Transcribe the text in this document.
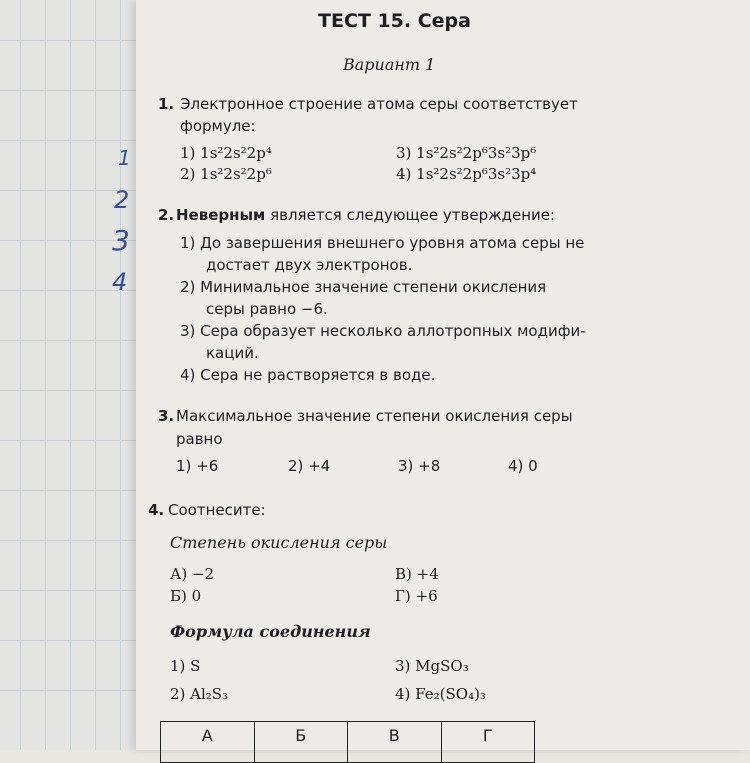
1
2
3
4
ТЕСТ 15. Сера
Вариант 1
1. Электронное строение атома серы соответствует
формуле:
1) 1s²2s²2p⁴
2) 1s²2s²2p⁶
3) 1s²2s²2p⁶3s²3p⁶
4) 1s²2s²2p⁶3s²3p⁴
2. Неверным является следующее утверждение:
1) До завершения внешнего уровня атома серы не
достает двух электронов.
2) Минимальное значение степени окисления
серы равно −6.
3) Сера образует несколько аллотропных модифи-
каций.
4) Сера не растворяется в воде.
3. Максимальное значение степени окисления серы
равно
1) +6	2) +4	3) +8	4) 0
4. Соотнесите:
Степень окисления серы
А) −2
Б) 0
В) +4
Г) +6
Формула соединения
1) S
2) Al₂S₃
3) MgSO₃
4) Fe₂(SO₄)₃
А	Б	В	Г
